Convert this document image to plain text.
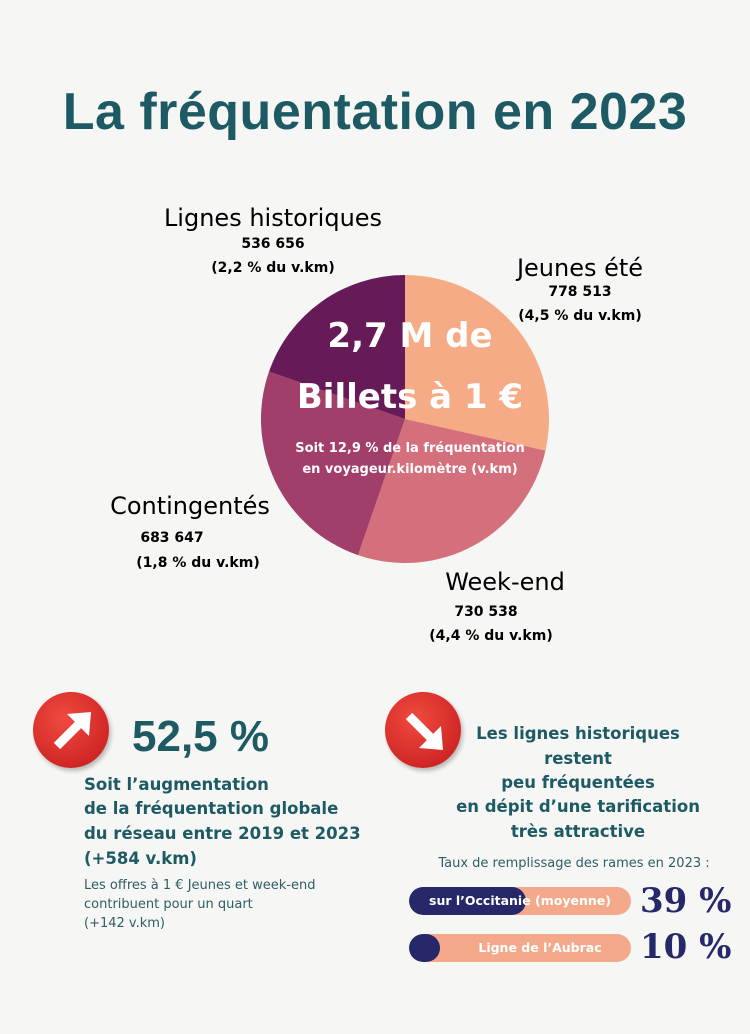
La fréquentation en 2023
Lignes historiques
536 656
(2,2 % du v.km)	Jeunes été
778 513
(4,5 % du v.km)
Contingentés
683 647
(1,8 % du v.km)
Week-end
730 538
(4,4 % du v.km)
2,7 M de
Billets à 1 €
Soit 12,9 % de la fréquentation
en voyageur.kilomètre (v.km)
52,5 %
Soit l’augmentation
de la fréquentation globale
du réseau entre 2019 et 2023
(+584 v.km)
Les offres à 1 € Jeunes et week-end
contribuent pour un quart
(+142 v.km)
Les lignes historiques
restent
peu fréquentées
en dépit d’une tarification
très attractive
Taux de remplissage des rames en 2023 :
sur l’Occitanie (moyenne) 39 %
Ligne de l’Aubrac	10 %
